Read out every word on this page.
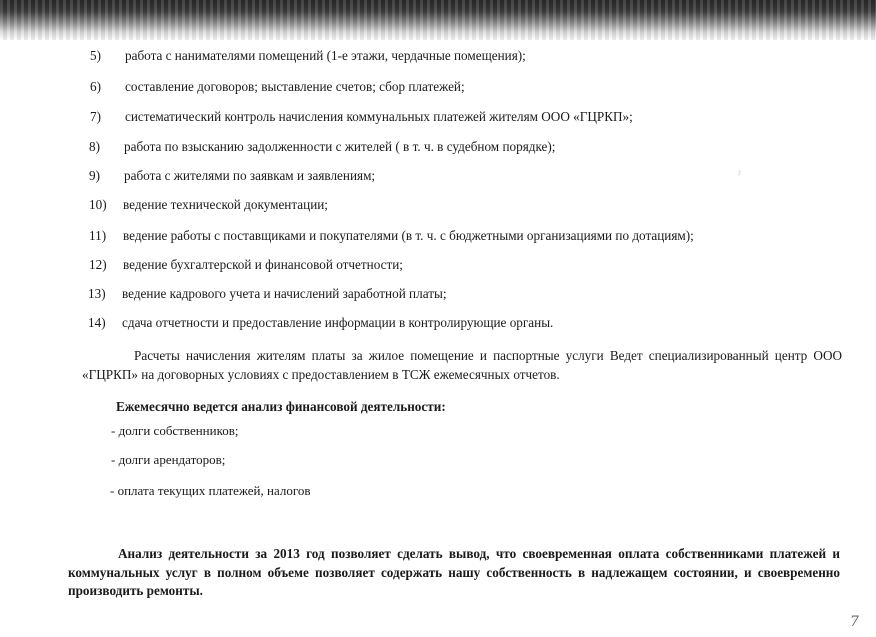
5) работа с нанимателями помещений (1-е этажи, чердачные помещения);
6) составление договоров; выставление счетов; сбор платежей;
7) систематический контроль начисления коммунальных платежей жителям ООО «ГЦРКП»;
8) работа по взысканию задолженности с жителей ( в т. ч. в судебном порядке);
9) работа с жителями по заявкам и заявлениям;
10) ведение технической документации;
11) ведение работы с поставщиками и покупателями (в т. ч. с бюджетными организациями по дотациям);
12) ведение бухгалтерской и финансовой отчетности;
13) ведение кадрового учета и начислений заработной платы;
14) сдача отчетности и предоставление информации в контролирующие органы.
Расчеты начисления жителям платы за жилое помещение и паспортные услуги Ведет специализированный центр ООО «ГЦРКП» на договорных условиях с предоставлением в ТСЖ ежемесячных отчетов.
Ежемесячно ведется анализ финансовой деятельности:
- долги собственников;
- долги арендаторов;
- оплата текущих платежей, налогов
Анализ деятельности за 2013 год позволяет сделать вывод, что своевременная оплата собственниками платежей и коммунальных услуг в полном объеме позволяет содержать нашу собственность в надлежащем состоянии, и своевременно производить ремонты.
7
ˀ
